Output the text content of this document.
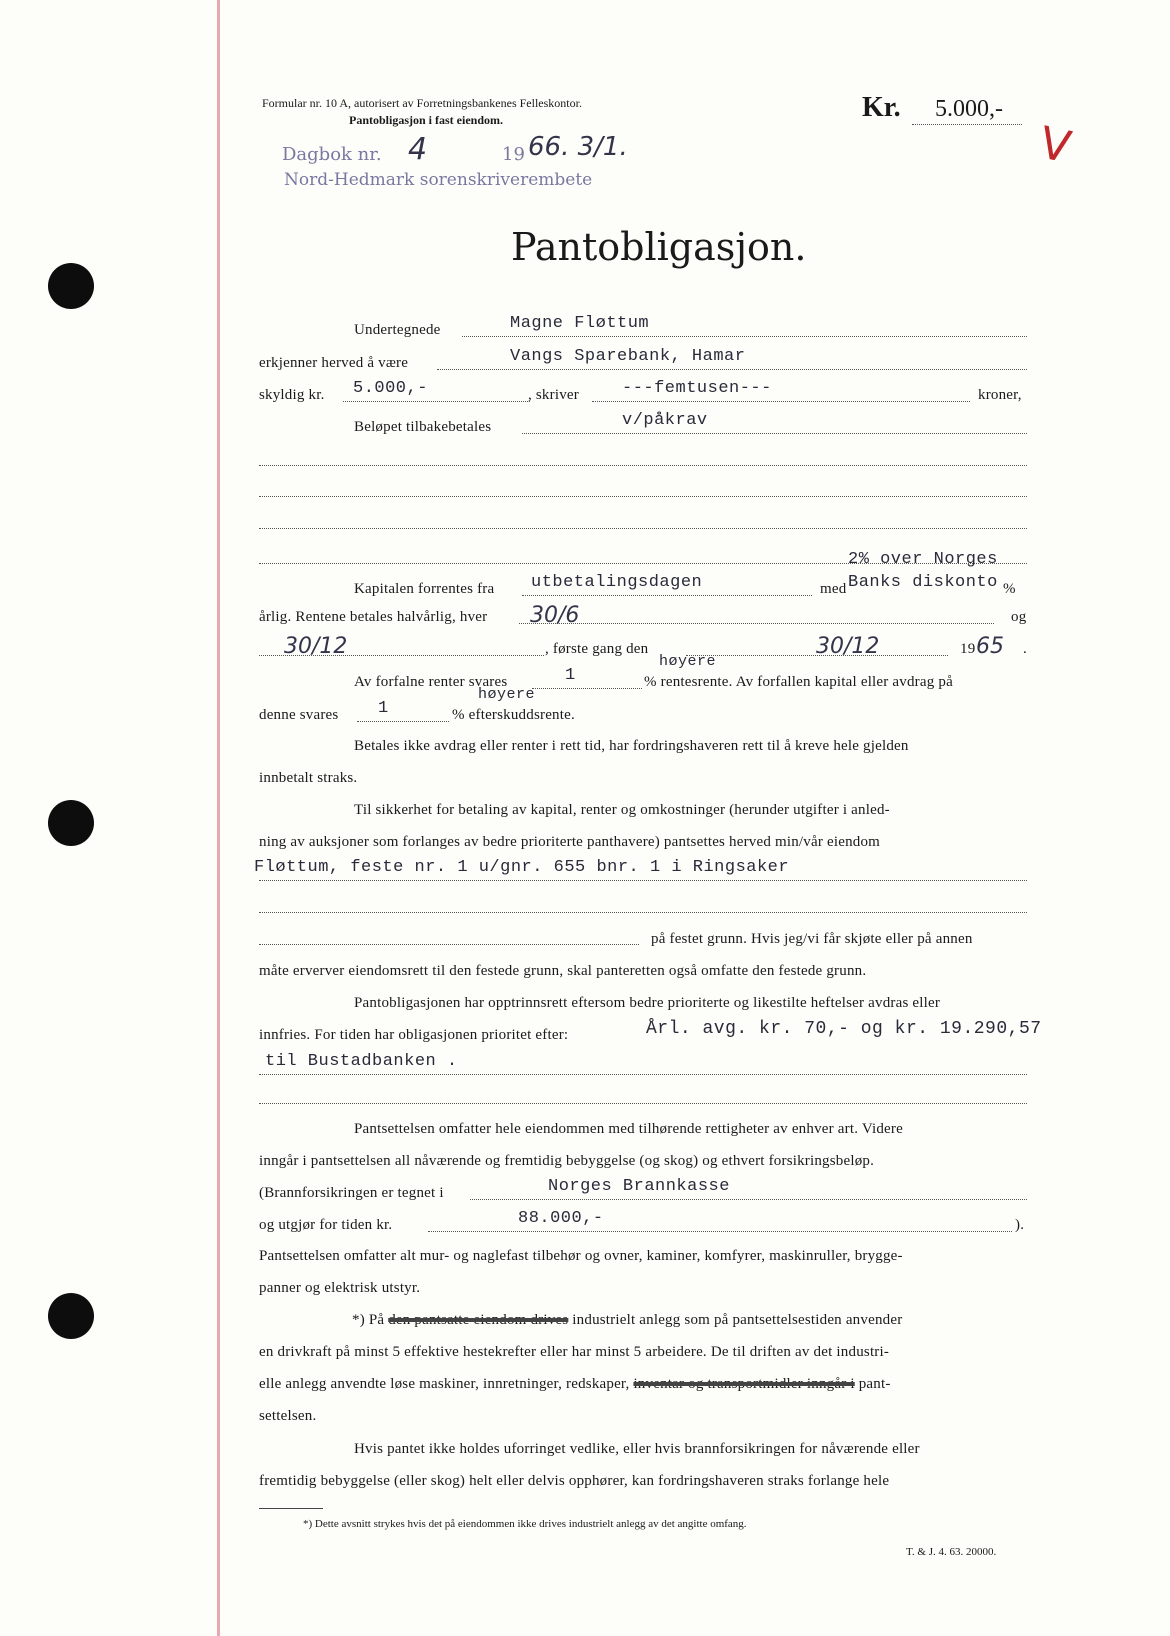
Formular nr. 10 A, autorisert av Forretningsbankenes Felleskontor.
Pantobligasjon i fast eiendom.	Kr. 5.000,-
V
Dagbok nr. 4	19 66. 3/1.
Nord-Hedmark sorenskriverembete
Pantobligasjon.
Undertegnede	Magne Fløttum
erkjenner herved å være	Vangs Sparebank, Hamar
skyldig kr. 5.000,-	, skriver	---femtusen---	kroner,
Beløpet tilbakebetales	v/påkrav
Kapitalen forrentes fra utbetalingsdagen	med
2% over Norges
Banks diskonto %
årlig. Rentene betales halvårlig, hver 30/6	og
30/12	, første gang den	30/12	19 65 .
Av forfalne renter svares	1
høyere
% rentesrente. Av forfallen kapital eller avdrag på
denne svares 1
høyere
% efterskuddsrente.
Betales ikke avdrag eller renter i rett tid, har fordringshaveren rett til å kreve hele gjelden
innbetalt straks.
Til sikkerhet for betaling av kapital, renter og omkostninger (herunder utgifter i anled-
ning av auksjoner som forlanges av bedre prioriterte panthavere) pantsettes herved min/vår eiendom
Fløttum, feste nr. 1 u/gnr. 655 bnr. 1 i Ringsaker
på festet grunn. Hvis jeg/vi får skjøte eller på annen
måte erverver eiendomsrett til den festede grunn, skal panteretten også omfatte den festede grunn.
Pantobligasjonen har opptrinnsrett eftersom bedre prioriterte og likestilte heftelser avdras eller
innfries. For tiden har obligasjonen prioritet efter:	Årl. avg. kr. 70,- og kr. 19.290,57
til Bustadbanken .
Pantsettelsen omfatter hele eiendommen med tilhørende rettigheter av enhver art. Videre
inngår i pantsettelsen all nåværende og fremtidig bebyggelse (og skog) og ethvert forsikringsbeløp.
(Brannforsikringen er tegnet i	Norges Brannkasse
og utgjør for tiden kr.	88.000,-	).
Pantsettelsen omfatter alt mur- og naglefast tilbehør og ovner, kaminer, komfyrer, maskinruller, brygge-
panner og elektrisk utstyr.
*) På den pantsatte eiendom drives industrielt anlegg som på pantsettelsestiden anvender
en drivkraft på minst 5 effektive hestekrefter eller har minst 5 arbeidere. De til driften av det industri-
elle anlegg anvendte løse maskiner, innretninger, redskaper, inventar og transportmidler inngår i pant-
settelsen.
Hvis pantet ikke holdes uforringet vedlike, eller hvis brannforsikringen for nåværende eller
fremtidig bebyggelse (eller skog) helt eller delvis opphører, kan fordringshaveren straks forlange hele
*) Dette avsnitt strykes hvis det på eiendommen ikke drives industrielt anlegg av det angitte omfang.
T. & J. 4. 63. 20000.
